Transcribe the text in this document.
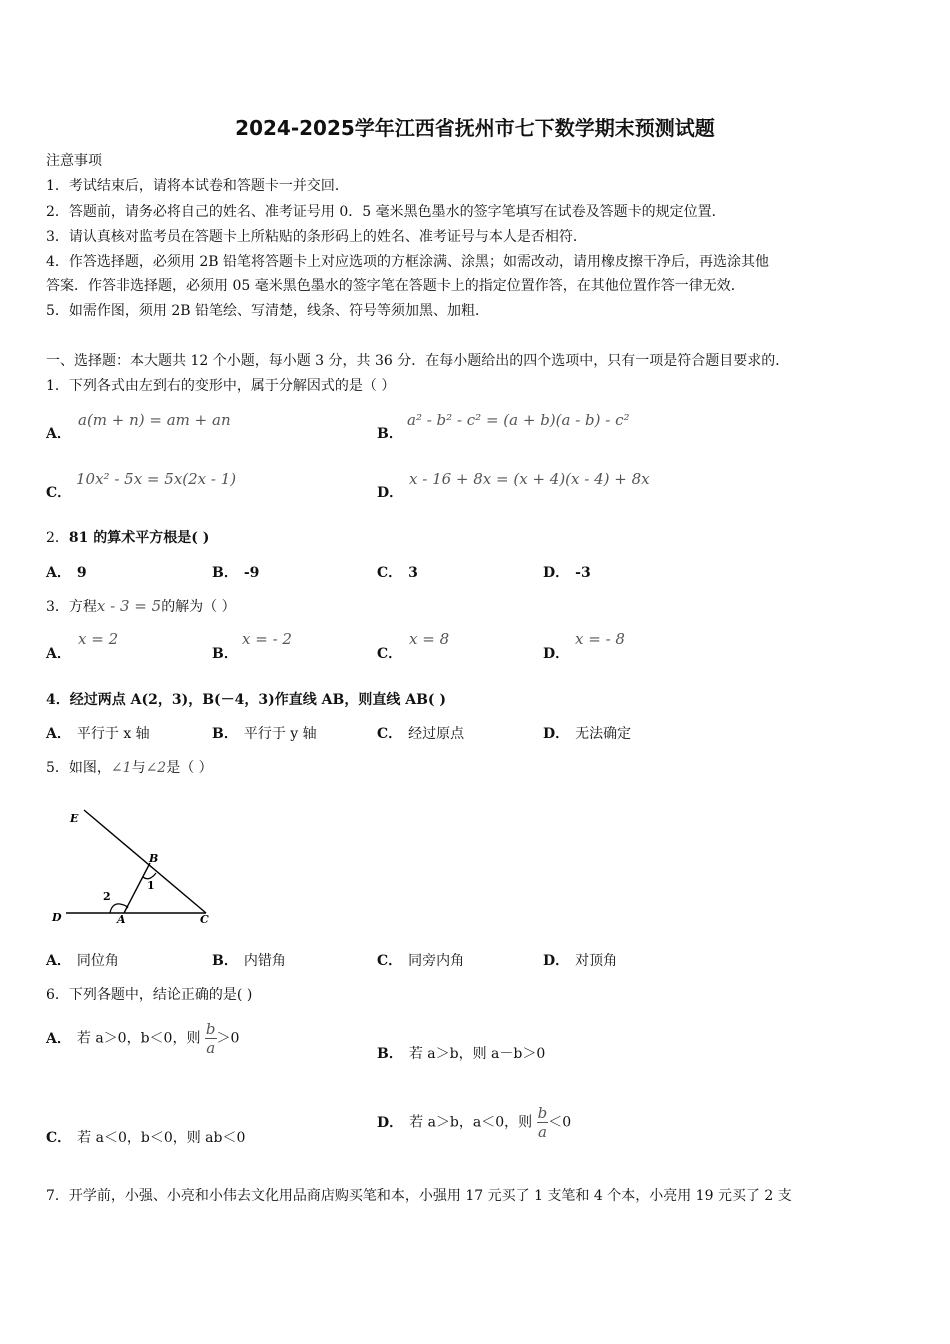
2024-2025学年江西省抚州市七下数学期末预测试题
注意事项
1．考试结束后，请将本试卷和答题卡一并交回．
2．答题前，请务必将自己的姓名、准考证号用 0．5 毫米黑色墨水的签字笔填写在试卷及答题卡的规定位置．
3．请认真核对监考员在答题卡上所粘贴的条形码上的姓名、准考证号与本人是否相符．
4．作答选择题，必须用 2B 铅笔将答题卡上对应选项的方框涂满、涂黑；如需改动，请用橡皮擦干净后，再选涂其他
答案．作答非选择题，必须用 05 毫米黑色墨水的签字笔在答题卡上的指定位置作答，在其他位置作答一律无效．
5．如需作图，须用 2B 铅笔绘、写清楚，线条、符号等须加黑、加粗．
一、选择题：本大题共 12 个小题，每小题 3 分，共 36 分．在每小题给出的四个选项中，只有一项是符合题目要求的．
1．下列各式由左到右的变形中，属于分解因式的是（ ）
A．
a(m + n) = am + an
B．
a² - b² - c² = (a + b)(a - b) - c²
C．
10x² - 5x = 5x(2x - 1)
D．
x - 16 + 8x = (x + 4)(x - 4) + 8x
2．81 的算术平方根是( )
A． 9	B． -9	C． 3	D． -3
3．方程x - 3 = 5的解为（ ）
A．
x = 2
B．
x = - 2
C．
x = 8
D．
x = - 8
4．经过两点 A(2，3)，B(－4，3)作直线 AB，则直线 AB( )
A． 平行于 x 轴	B． 平行于 y 轴	C． 经过原点	D． 无法确定
5．如图，∠1与∠2是（ ）
E
B
1
2
D	A	C
A． 同位角	B． 内错角	C． 同旁内角	D． 对顶角
6．下列各题中，结论正确的是( )
A． 若 a＞0，b＜0，则 $\frac{b}{a} >0$
B． 若 a＞b，则 a－b＞0
C． 若 a＜0，b＜0，则 ab＜0
D． 若 a＞b，a＜0，则 $\frac{b}{a} <0$
7．开学前，小强、小亮和小伟去文化用品商店购买笔和本，小强用 17 元买了 1 支笔和 4 个本，小亮用 19 元买了 2 支
